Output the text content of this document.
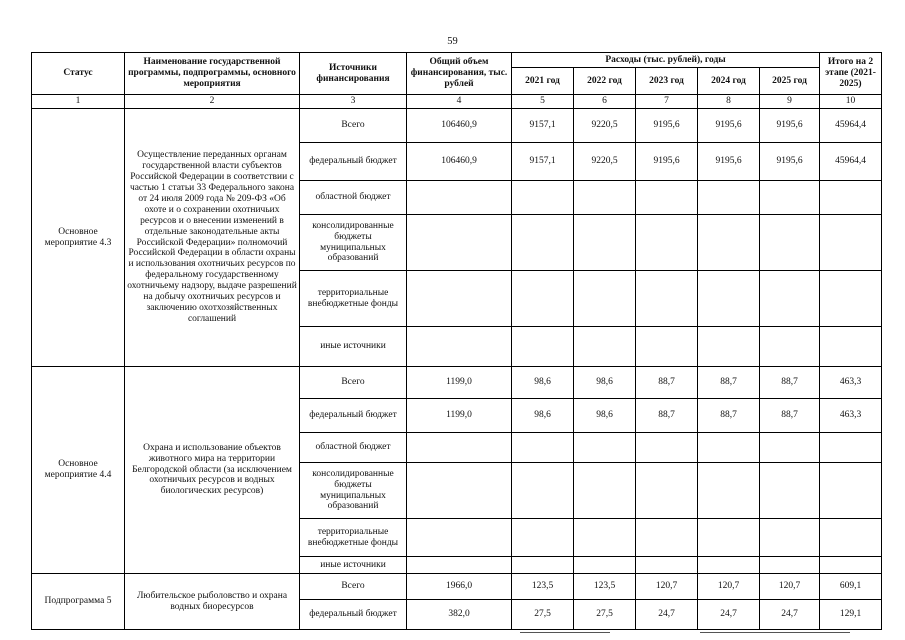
59
Статус	Наименование государственной программы, подпрограммы, основного мероприятия	Источники финансирования	Общий объем финансирования, тыс. рублей	Расходы (тыс. рублей), годы					Итого на 2 этапе (2021-2025)
				2021 год	2022 год	2023 год	2024 год	2025 год	
1	2	3	4	5	6	7	8	9	10
Основное мероприятие 4.3	Осуществление переданных органам государственной власти субъектов Российской Федерации в соответствии с частью 1 статьи 33 Федерального закона от 24 июля 2009 года № 209-ФЗ «Об охоте и о сохранении охотничьих ресурсов и о внесении изменений в отдельные законодательные акты Российской Федерации» полномочий Российской Федерации в области охраны и использования охотничьих ресурсов по федеральному государственному охотничьему надзору, выдаче разрешений на добычу охотничьих ресурсов и заключению охотхозяйственных соглашений	Всего	106460,9	9157,1	9220,5	9195,6	9195,6	9195,6	45964,4
		федеральный бюджет	106460,9	9157,1	9220,5	9195,6	9195,6	9195,6	45964,4
		областной бюджет							
		консолидированные бюджеты муниципальных образований							
		территориальные внебюджетные фонды							
		иные источники							
Основное мероприятие 4.4	Охрана и использование объектов животного мира на территории Белгородской области (за исключением охотничьих ресурсов и водных биологических ресурсов)	Всего	1199,0	98,6	98,6	88,7	88,7	88,7	463,3
		федеральный бюджет	1199,0	98,6	98,6	88,7	88,7	88,7	463,3
		областной бюджет							
		консолидированные бюджеты муниципальных образований							
		территориальные внебюджетные фонды							
		иные источники							
Подпрограмма 5	Любительское рыболовство и охрана водных биоресурсов	Всего	1966,0	123,5	123,5	120,7	120,7	120,7	609,1
		федеральный бюджет	382,0	27,5	27,5	24,7	24,7	24,7	129,1
